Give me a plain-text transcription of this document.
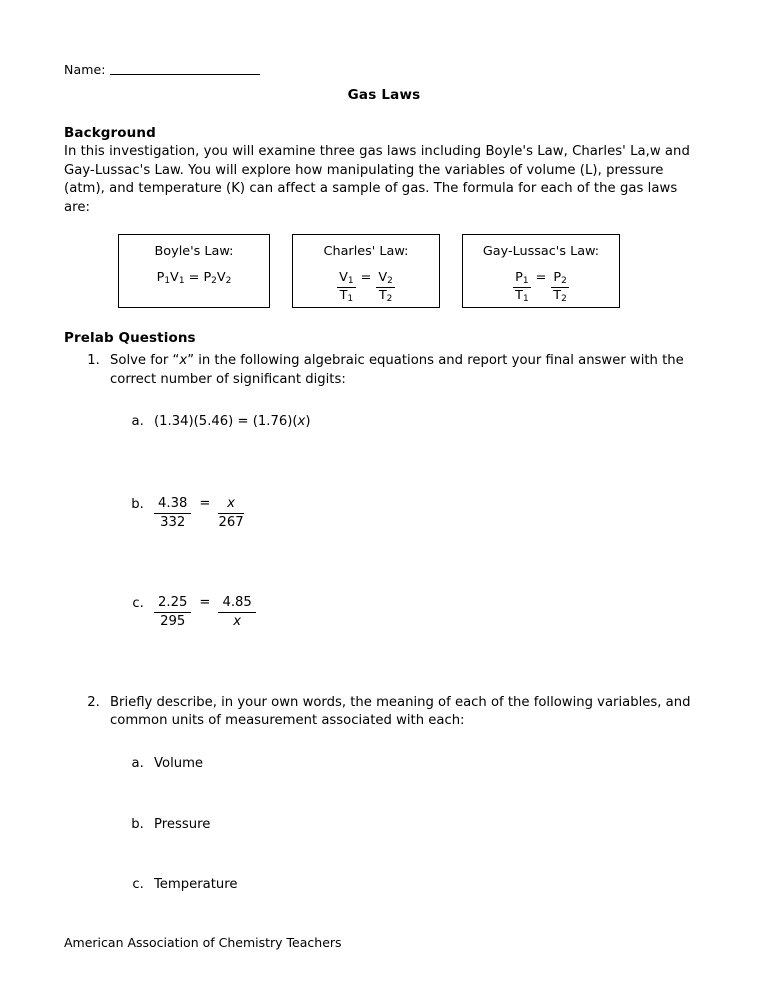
Name:
Gas Laws
Background

In this investigation, you will examine three gas laws including Boyle's Law, Charles' La,w and Gay-Lussac's Law. You will explore how manipulating the variables of volume (L), pressure (atm), and temperature (K) can affect a sample of gas. The formula for each of the gas laws are:

Boyle's Law:
$P_1V_1 = P_2V_2$
Charles' Law:
$\frac{V_1}{T_1} = \frac{V_2}{T_2}$
Gay-Lussac's Law:
$\frac{P_1}{T_1} = \frac{P_2}{T_2}$
Prelab Questions
1. Solve for “x” in the following algebraic equations and report your final answer with the correct number of significant digits:
a. (1.34)(5.46) = (1.76)(x)
b. $\frac{4.38}{332} = \frac{x}{267}$
c. $\frac{2.25}{295} = \frac{4.85}{x}$
2. Briefly describe, in your own words, the meaning of each of the following variables, and common units of measurement associated with each:
a. Volume
b. Pressure
c. Temperature
American Association of Chemistry Teachers
